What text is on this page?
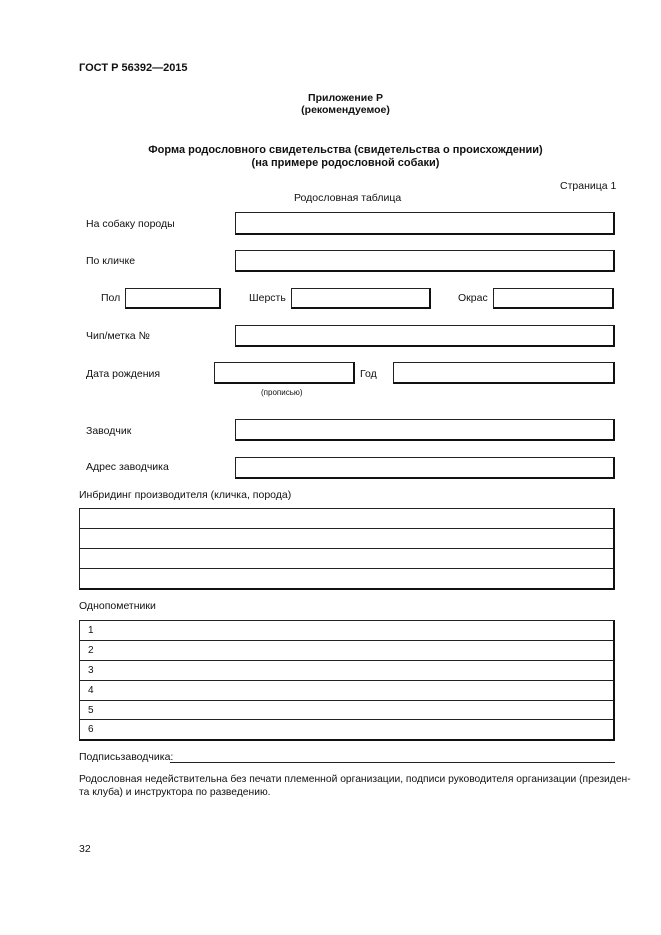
ГОСТ Р 56392—2015
Приложение Р
(рекомендуемое)
Форма родословного свидетельства (свидетельства о происхождении)
(на примере родословной собаки)
Страница 1
Родословная таблица
На собаку породы
По кличке
Пол	Шерсть	Окрас
Чип/метка №
Дата рождения
(прописью)
Год
Заводчик
Адрес заводчика
Инбридинг производителя (кличка, порода)
Однопометники
1
2
3
4
5
6
Подписьзаводчика:
Родословная недействительна без печати племенной организации, подписи руководителя организации (президен-
та клуба) и инструктора по разведению.
32
